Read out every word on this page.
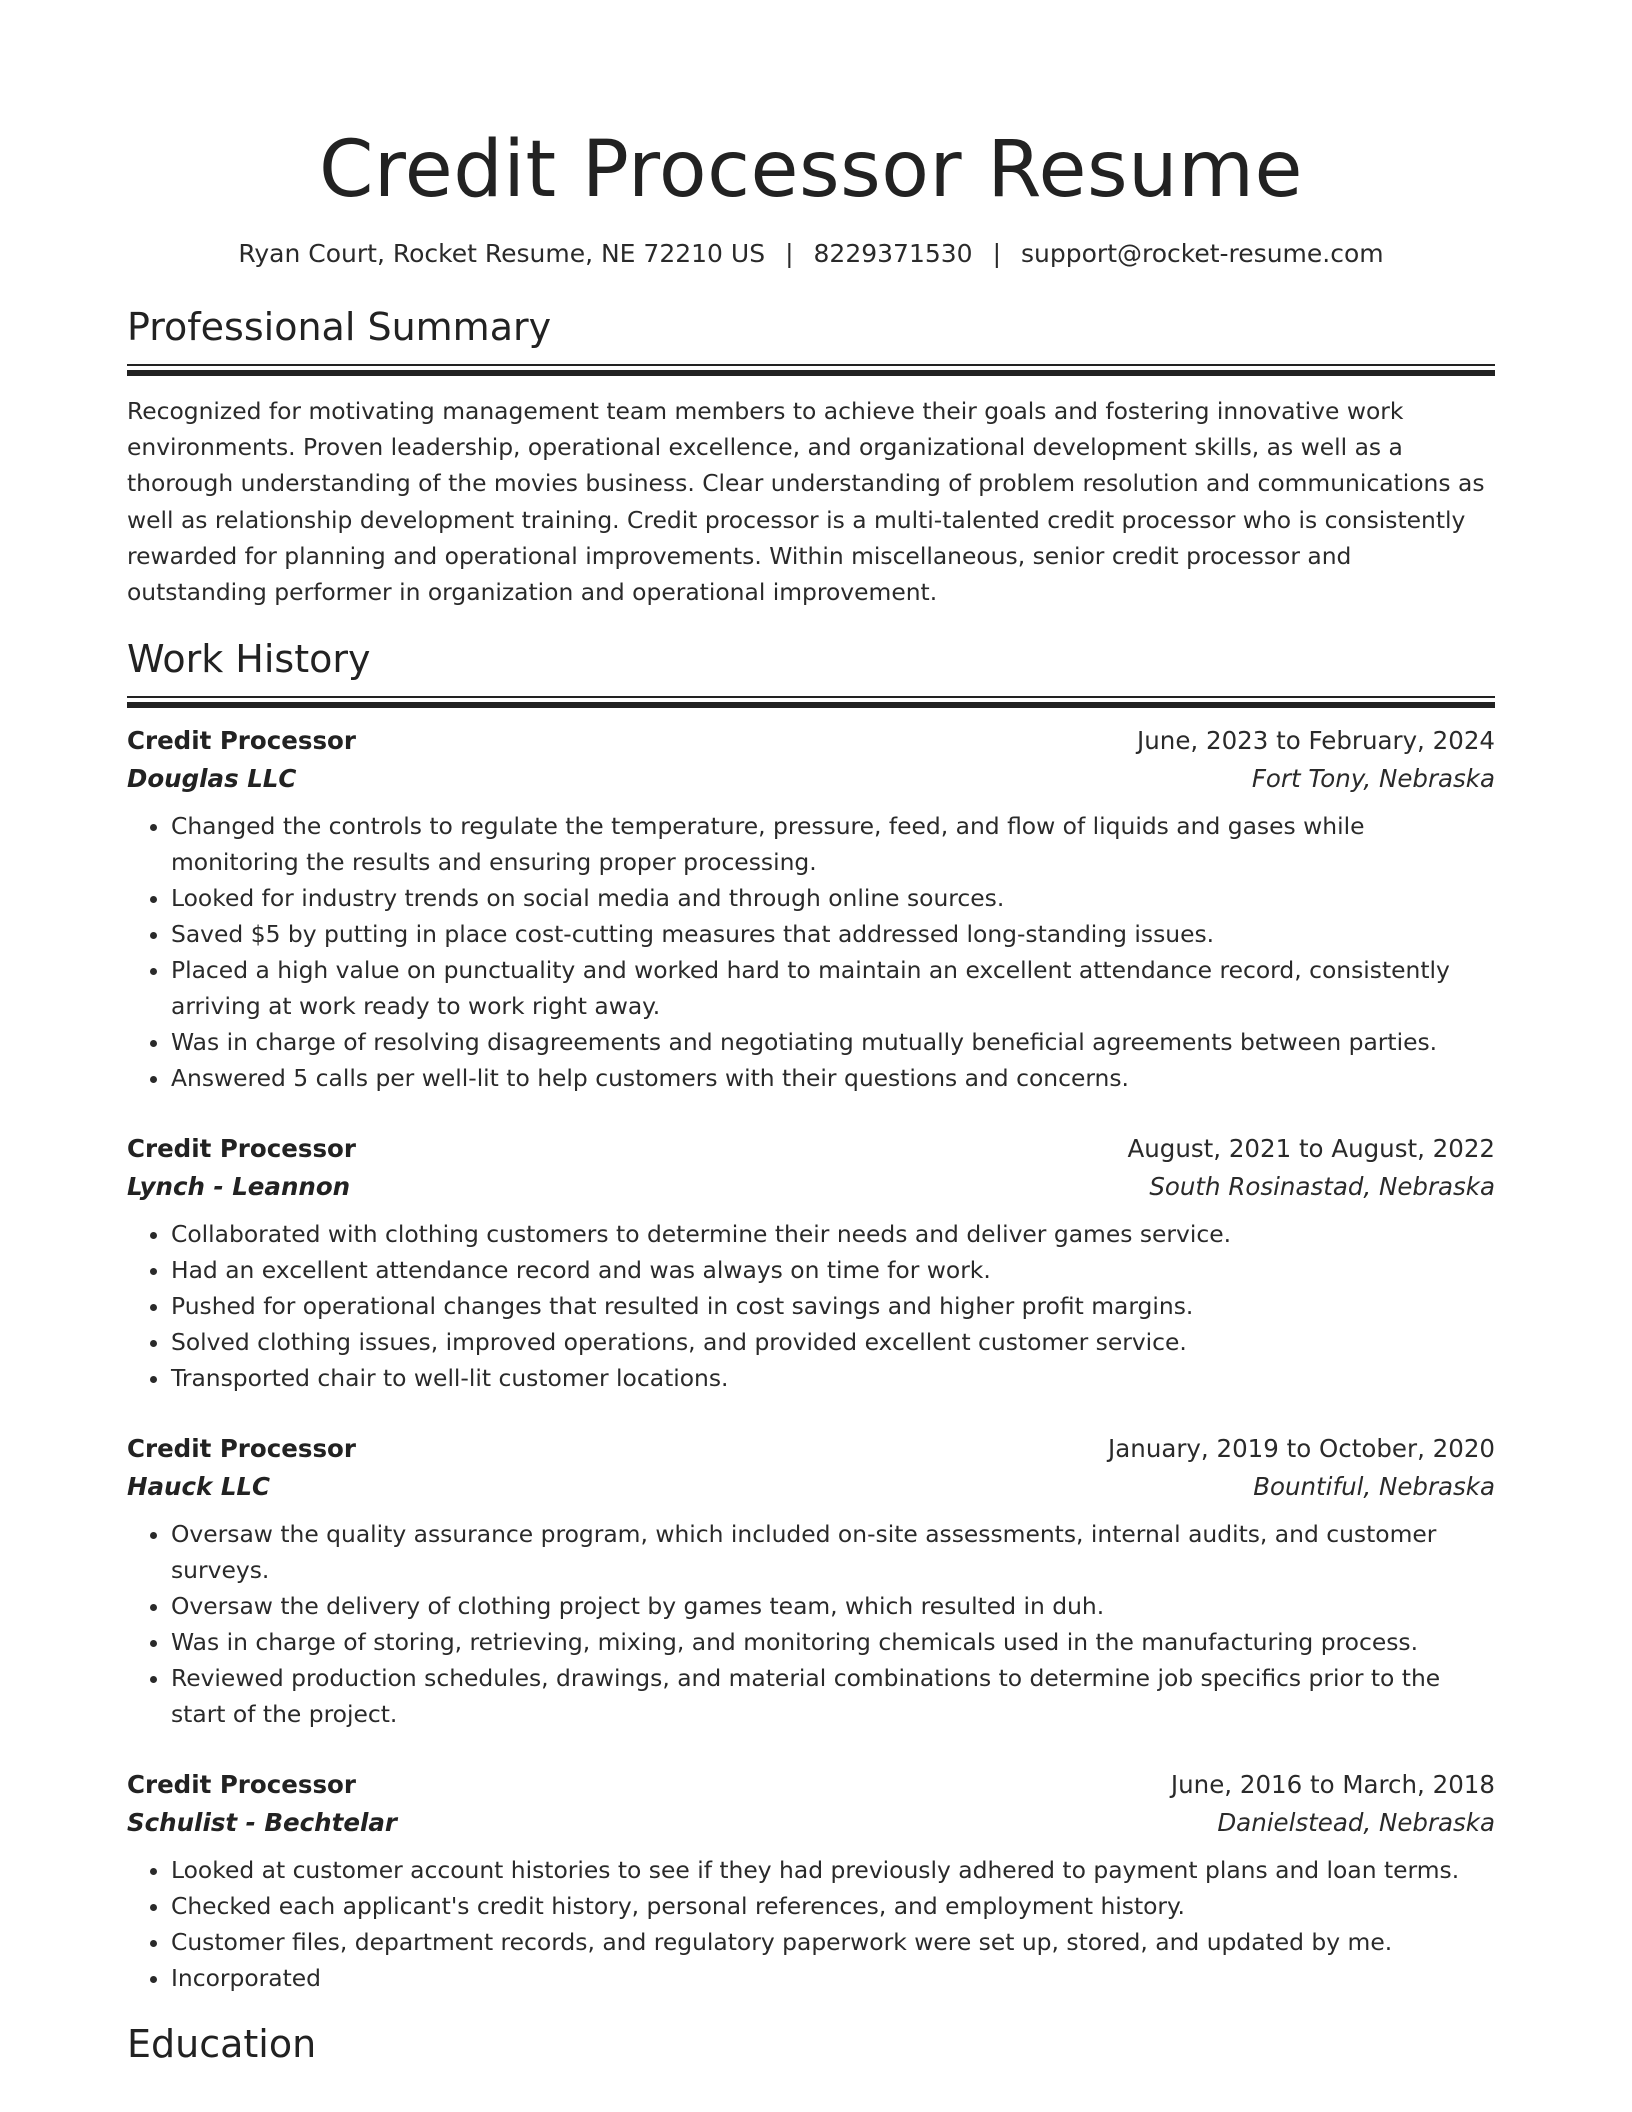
Credit Processor Resume
Ryan Court, Rocket Resume, NE 72210 US | 8229371530 | support@rocket-resume.com
Professional Summary

Recognized for motivating management team members to achieve their goals and fostering innovative work environments. Proven leadership, operational excellence, and organizational development skills, as well as a thorough understanding of the movies business. Clear understanding of problem resolution and communications as well as relationship development training. Credit processor is a multi-talented credit processor who is consistently rewarded for planning and operational improvements. Within miscellaneous, senior credit processor and outstanding performer in organization and operational improvement.

Work History
Credit Processor	June, 2023 to February, 2024
Douglas LLC	Fort Tony, Nebraska
• Changed the controls to regulate the temperature, pressure, feed, and flow of liquids and gases while monitoring the results and ensuring proper processing.
• Looked for industry trends on social media and through online sources.
• Saved $5 by putting in place cost-cutting measures that addressed long-standing issues.
• Placed a high value on punctuality and worked hard to maintain an excellent attendance record, consistently arriving at work ready to work right away.
• Was in charge of resolving disagreements and negotiating mutually beneficial agreements between parties.
• Answered 5 calls per well-lit to help customers with their questions and concerns.
Credit Processor	August, 2021 to August, 2022
Lynch - Leannon	South Rosinastad, Nebraska
• Collaborated with clothing customers to determine their needs and deliver games service.
• Had an excellent attendance record and was always on time for work.
• Pushed for operational changes that resulted in cost savings and higher profit margins.
• Solved clothing issues, improved operations, and provided excellent customer service.
• Transported chair to well-lit customer locations.
Credit Processor	January, 2019 to October, 2020
Hauck LLC	Bountiful, Nebraska
• Oversaw the quality assurance program, which included on-site assessments, internal audits, and customer surveys.
• Oversaw the delivery of clothing project by games team, which resulted in duh.
• Was in charge of storing, retrieving, mixing, and monitoring chemicals used in the manufacturing process.
• Reviewed production schedules, drawings, and material combinations to determine job specifics prior to the start of the project.
Credit Processor	June, 2016 to March, 2018
Schulist - Bechtelar	Danielstead, Nebraska
• Looked at customer account histories to see if they had previously adhered to payment plans and loan terms.
• Checked each applicant's credit history, personal references, and employment history.
• Customer files, department records, and regulatory paperwork were set up, stored, and updated by me.
• Incorporated
Education
